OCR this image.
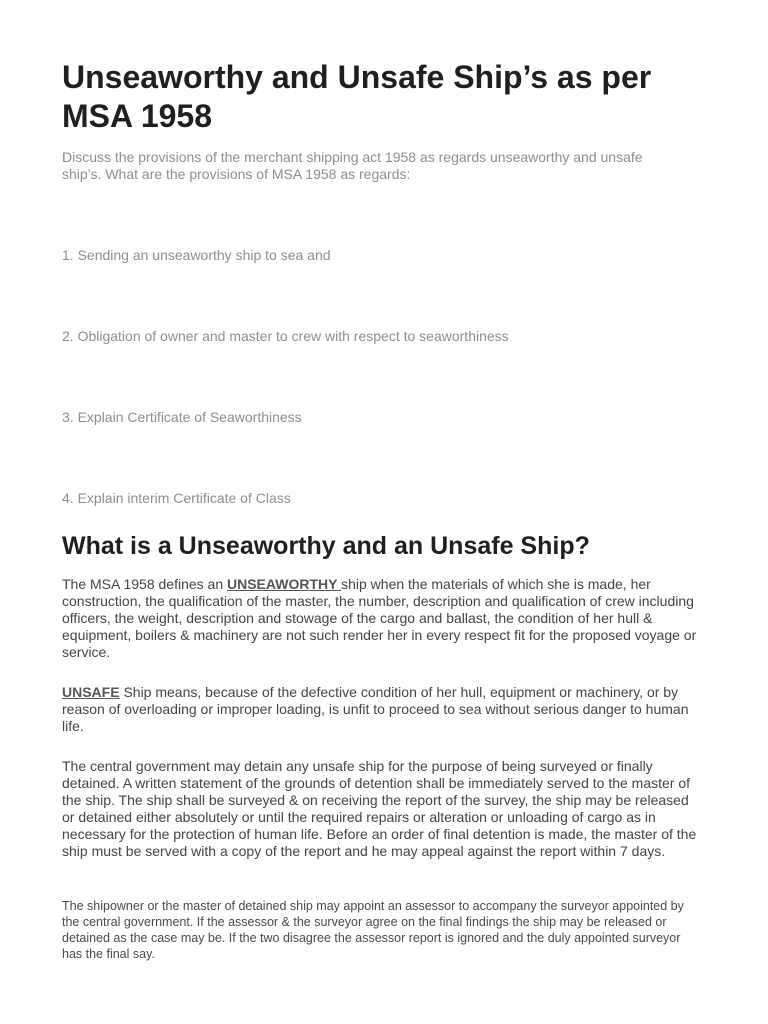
Unseaworthy and Unsafe Ship’s as per MSA 1958

Discuss the provisions of the merchant shipping act 1958 as regards unseaworthy and unsafe ship’s. What are the provisions of MSA 1958 as regards:

1. Sending an unseaworthy ship to sea and

2. Obligation of owner and master to crew with respect to seaworthiness

3. Explain Certificate of Seaworthiness

4. Explain interim Certificate of Class

What is a Unseaworthy and an Unsafe Ship?

The MSA 1958 defines an UNSEAWORTHY ship when the materials of which she is made, her construction, the qualification of the master, the number, description and qualification of crew including officers, the weight, description and stowage of the cargo and ballast, the condition of her hull & equipment, boilers & machinery are not such render her in every respect fit for the proposed voyage or service.

UNSAFE Ship means, because of the defective condition of her hull, equipment or machinery, or by reason of overloading or improper loading, is unfit to proceed to sea without serious danger to human life.

The central government may detain any unsafe ship for the purpose of being surveyed or finally detained. A written statement of the grounds of detention shall be immediately served to the master of the ship. The ship shall be surveyed & on receiving the report of the survey, the ship may be released or detained either absolutely or until the required repairs or alteration or unloading of cargo as in necessary for the protection of human life. Before an order of final detention is made, the master of the ship must be served with a copy of the report and he may appeal against the report within 7 days.

The shipowner or the master of detained ship may appoint an assessor to accompany the surveyor appointed by the central government. If the assessor & the surveyor agree on the final findings the ship may be released or detained as the case may be. If the two disagree the assessor report is ignored and the duly appointed surveyor has the final say.
